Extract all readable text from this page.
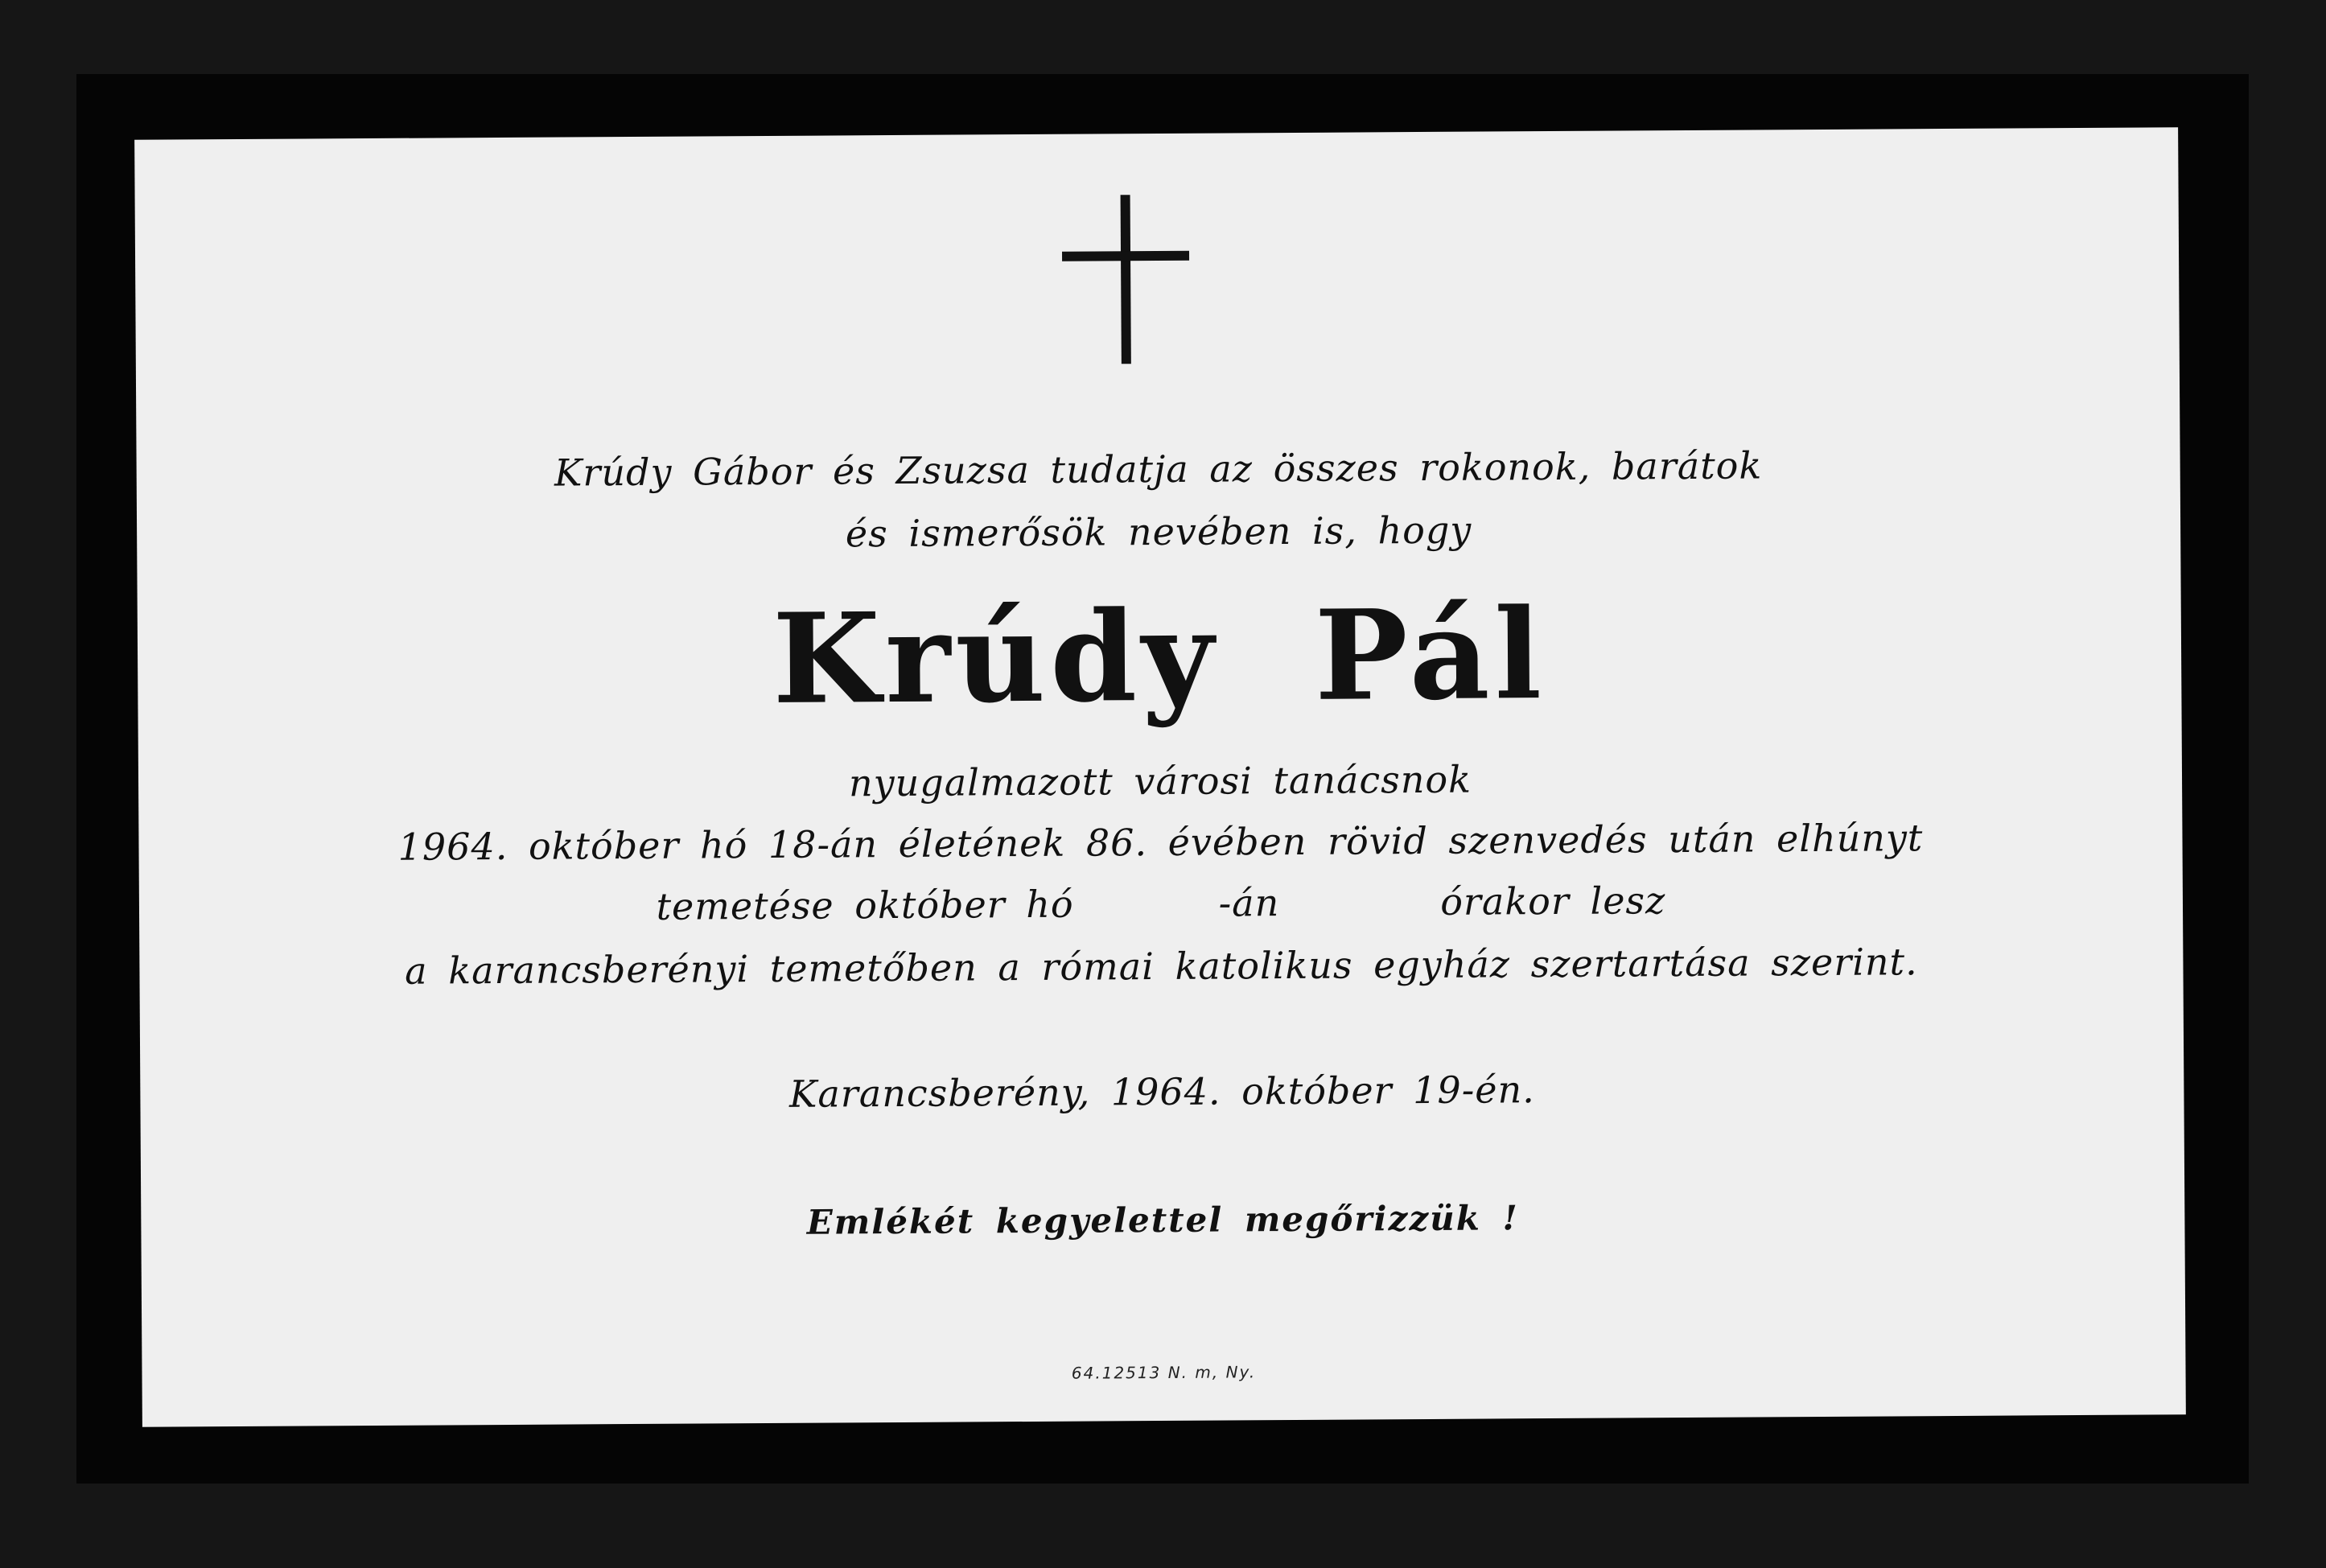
Krúdy Gábor és Zsuzsa tudatja az összes rokonok, barátok
és ismerősök nevében is, hogy
Krúdy Pál
nyugalmazott városi tanácsnok
1964. október hó 18-án életének 86. évében rövid szenvedés után elhúnyt
temetése október hó	-án	órakor lesz
a karancsberényi temetőben a római katolikus egyház szertartása szerint.
Karancsberény, 1964. október 19-én.
Emlékét kegyelettel megőrizzük !
64.12513 N. m, Ny.
